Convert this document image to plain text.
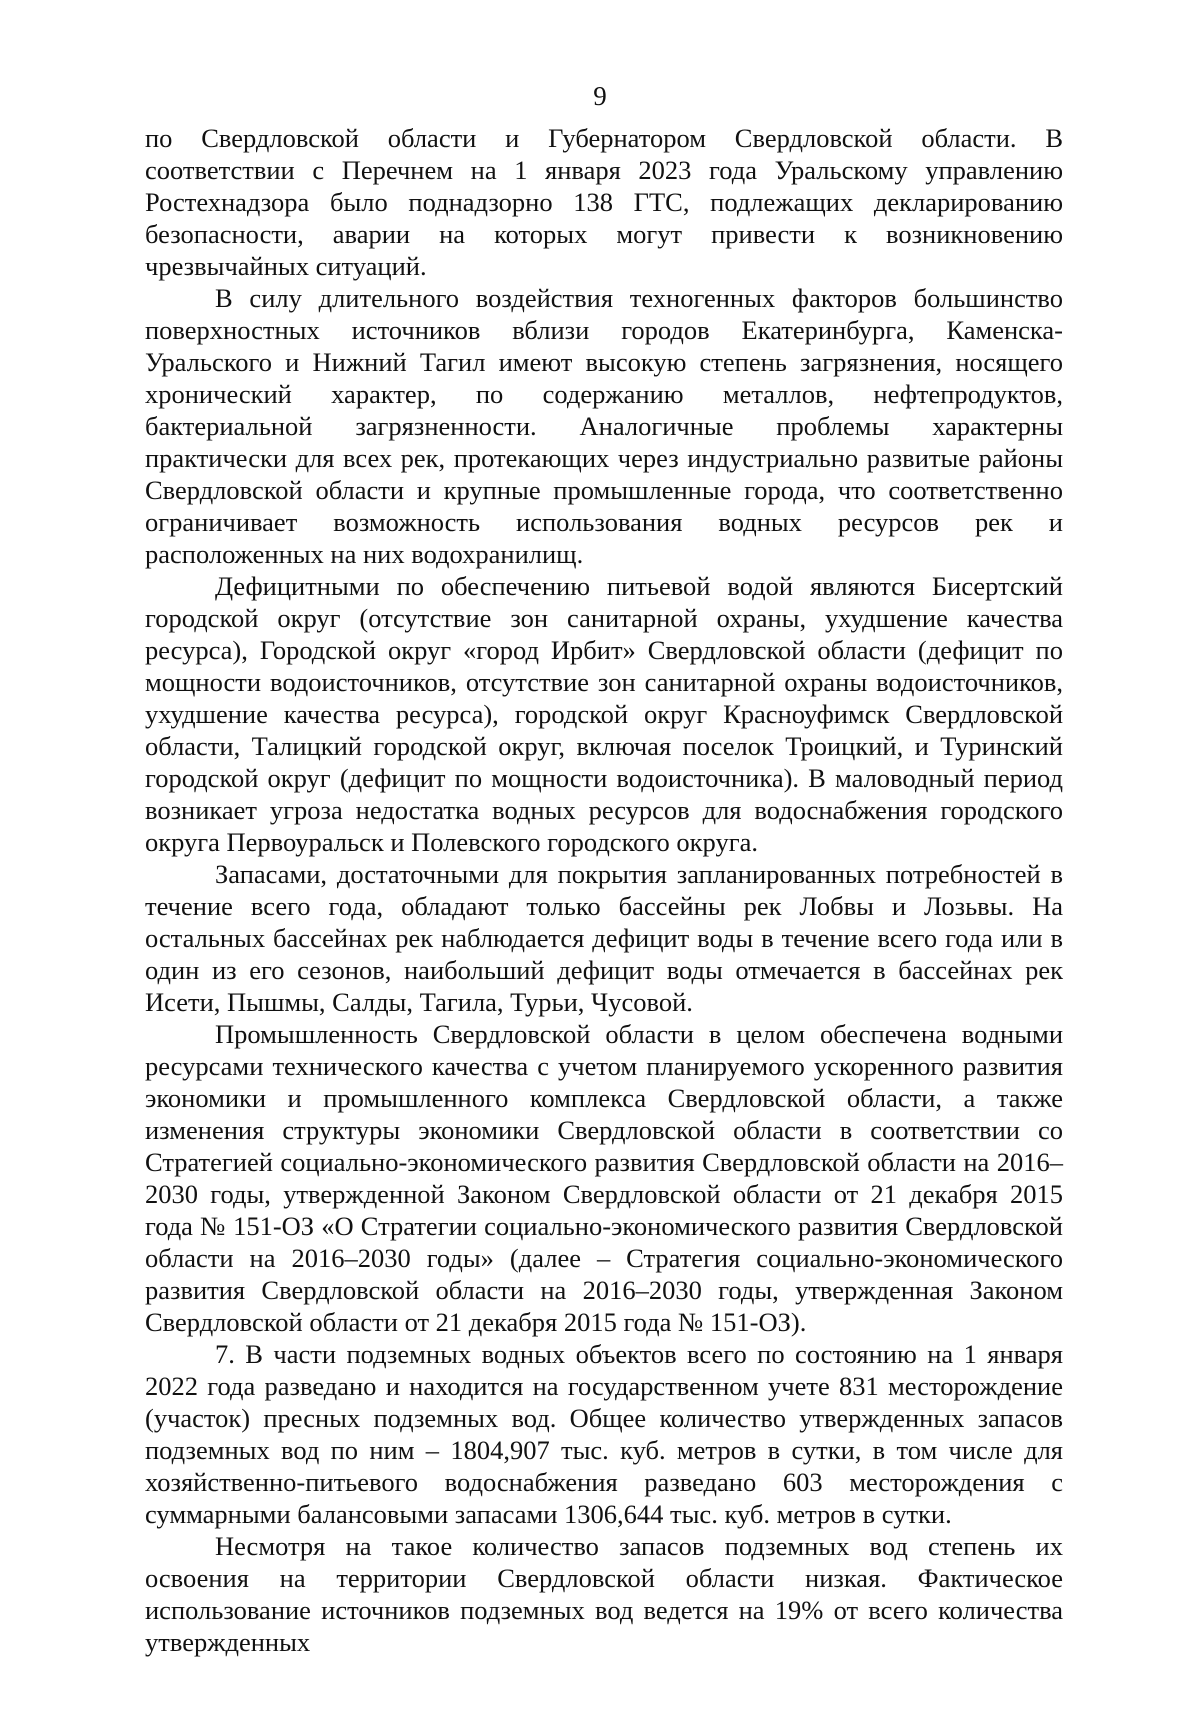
9

по Свердловской области и Губернатором Свердловской области. В соответствии с Перечнем на 1 января 2023 года Уральскому управлению Ростехнадзора было поднадзорно 138 ГТС, подлежащих декларированию безопасности, аварии на которых могут привести к возникновению чрезвычайных ситуаций.

В силу длительного воздействия техногенных факторов большинство поверхностных источников вблизи городов Екатеринбурга, Каменска-Уральского и Нижний Тагил имеют высокую степень загрязнения, носящего хронический характер, по содержанию металлов, нефтепродуктов, бактериальной загрязненности. Аналогичные проблемы характерны практически для всех рек, протекающих через индустриально развитые районы Свердловской области и крупные промышленные города, что соответственно ограничивает возможность использования водных ресурсов рек и расположенных на них водохранилищ.

Дефицитными по обеспечению питьевой водой являются Бисертский городской округ (отсутствие зон санитарной охраны, ухудшение качества ресурса), Городской округ «город Ирбит» Свердловской области (дефицит по мощности водоисточников, отсутствие зон санитарной охраны водоисточников, ухудшение качества ресурса), городской округ Красноуфимск Свердловской области, Талицкий городской округ, включая поселок Троицкий, и Туринский городской округ (дефицит по мощности водоисточника). В маловодный период возникает угроза недостатка водных ресурсов для водоснабжения городского округа Первоуральск и Полевского городского округа.

Запасами, достаточными для покрытия запланированных потребностей в течение всего года, обладают только бассейны рек Лобвы и Лозьвы. На остальных бассейнах рек наблюдается дефицит воды в течение всего года или в один из его сезонов, наибольший дефицит воды отмечается в бассейнах рек Исети, Пышмы, Салды, Тагила, Турьи, Чусовой.

Промышленность Свердловской области в целом обеспечена водными ресурсами технического качества с учетом планируемого ускоренного развития экономики и промышленного комплекса Свердловской области, а также изменения структуры экономики Свердловской области в соответствии со Стратегией социально-экономического развития Свердловской области на 2016–2030 годы, утвержденной Законом Свердловской области от 21 декабря 2015 года № 151-ОЗ «О Стратегии социально-экономического развития Свердловской области на 2016–2030 годы» (далее – Стратегия социально-экономического развития Свердловской области на 2016–2030 годы, утвержденная Законом Свердловской области от 21 декабря 2015 года № 151-ОЗ).

7. В части подземных водных объектов всего по состоянию на 1 января 2022 года разведано и находится на государственном учете 831 месторождение (участок) пресных подземных вод. Общее количество утвержденных запасов подземных вод по ним – 1804,907 тыс. куб. метров в сутки, в том числе для хозяйственно-питьевого водоснабжения разведано 603 месторождения с суммарными балансовыми запасами 1306,644 тыс. куб. метров в сутки.

Несмотря на такое количество запасов подземных вод степень их освоения на территории Свердловской области низкая. Фактическое использование источников подземных вод ведется на 19% от всего количества утвержденных
